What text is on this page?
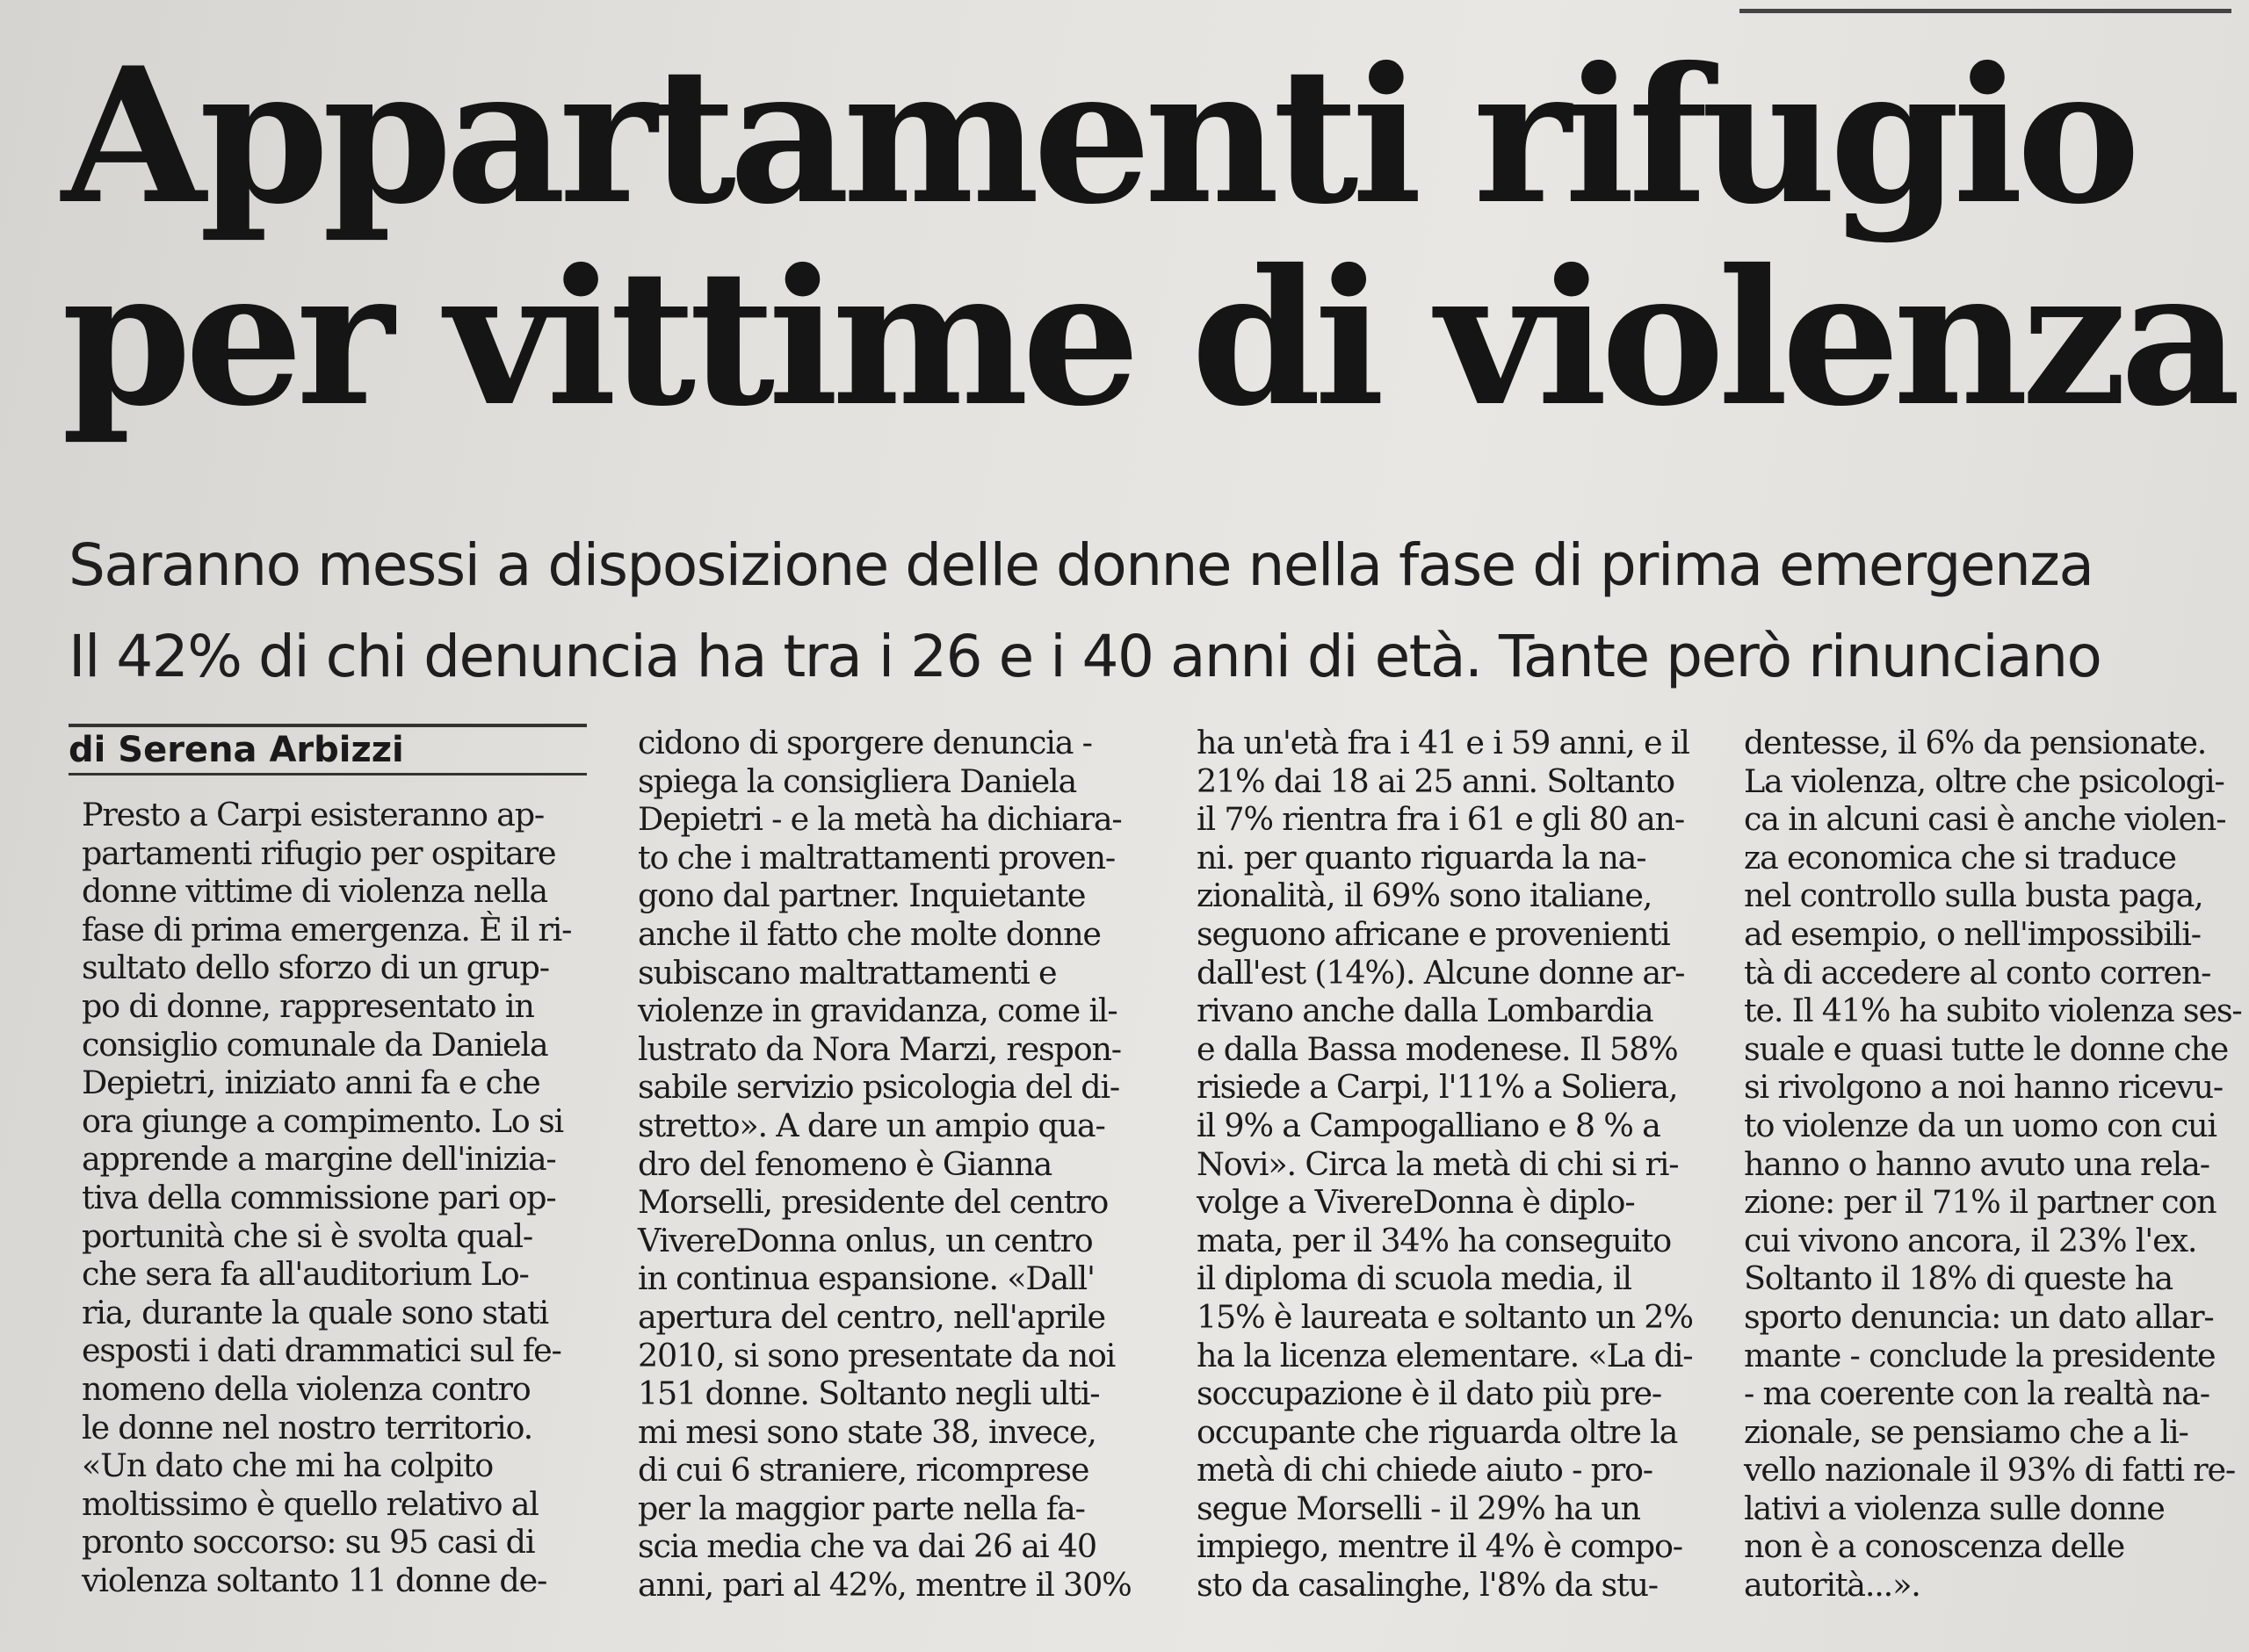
Appartamenti rifugio
per vittime di violenza
Saranno messi a disposizione delle donne nella fase di prima emergenza
Il 42% di chi denuncia ha tra i 26 e i 40 anni di età. Tante però rinunciano
di Serena Arbizzi
Presto a Carpi esisteranno ap-
partamenti rifugio per ospitare
donne vittime di violenza nella
fase di prima emergenza. È il ri-
sultato dello sforzo di un grup-
po di donne, rappresentato in
consiglio comunale da Daniela
Depietri, iniziato anni fa e che
ora giunge a compimento. Lo si
apprende a margine dell'inizia-
tiva della commissione pari op-
portunità che si è svolta qual-
che sera fa all'auditorium Lo-
ria, durante la quale sono stati
esposti i dati drammatici sul fe-
nomeno della violenza contro
le donne nel nostro territorio.
«Un dato che mi ha colpito
moltissimo è quello relativo al
pronto soccorso: su 95 casi di
violenza soltanto 11 donne de-
cidono di sporgere denuncia -
spiega la consigliera Daniela
Depietri - e la metà ha dichiara-
to che i maltrattamenti proven-
gono dal partner. Inquietante
anche il fatto che molte donne
subiscano maltrattamenti e
violenze in gravidanza, come il-
lustrato da Nora Marzi, respon-
sabile servizio psicologia del di-
stretto». A dare un ampio qua-
dro del fenomeno è Gianna
Morselli, presidente del centro
VivereDonna onlus, un centro
in continua espansione. «Dall'
apertura del centro, nell'aprile
2010, si sono presentate da noi
151 donne. Soltanto negli ulti-
mi mesi sono state 38, invece,
di cui 6 straniere, ricomprese
per la maggior parte nella fa-
scia media che va dai 26 ai 40
anni, pari al 42%, mentre il 30%
ha un'età fra i 41 e i 59 anni, e il
21% dai 18 ai 25 anni. Soltanto
il 7% rientra fra i 61 e gli 80 an-
ni. per quanto riguarda la na-
zionalità, il 69% sono italiane,
seguono africane e provenienti
dall'est (14%). Alcune donne ar-
rivano anche dalla Lombardia
e dalla Bassa modenese. Il 58%
risiede a Carpi, l'11% a Soliera,
il 9% a Campogalliano e 8 % a
Novi». Circa la metà di chi si ri-
volge a VivereDonna è diplo-
mata, per il 34% ha conseguito
il diploma di scuola media, il
15% è laureata e soltanto un 2%
ha la licenza elementare. «La di-
soccupazione è il dato più pre-
occupante che riguarda oltre la
metà di chi chiede aiuto - pro-
segue Morselli - il 29% ha un
impiego, mentre il 4% è compo-
sto da casalinghe, l'8% da stu-
dentesse, il 6% da pensionate.
La violenza, oltre che psicologi-
ca in alcuni casi è anche violen-
za economica che si traduce
nel controllo sulla busta paga,
ad esempio, o nell'impossibili-
tà di accedere al conto corren-
te. Il 41% ha subito violenza ses-
suale e quasi tutte le donne che
si rivolgono a noi hanno ricevu-
to violenze da un uomo con cui
hanno o hanno avuto una rela-
zione: per il 71% il partner con
cui vivono ancora, il 23% l'ex.
Soltanto il 18% di queste ha
sporto denuncia: un dato allar-
mante - conclude la presidente
- ma coerente con la realtà na-
zionale, se pensiamo che a li-
vello nazionale il 93% di fatti re-
lativi a violenza sulle donne
non è a conoscenza delle
autorità...».
